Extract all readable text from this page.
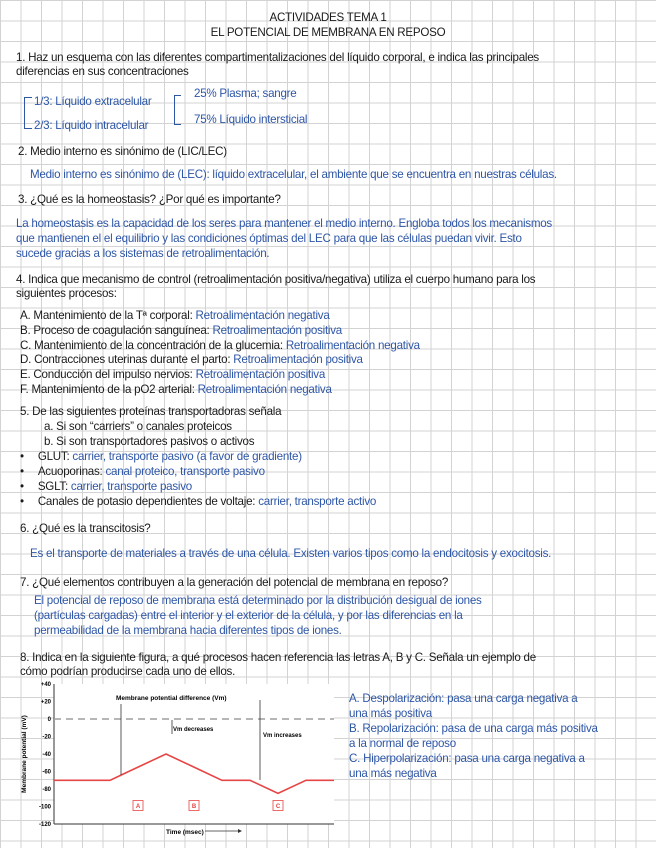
ACTIVIDADES TEMA 1
EL POTENCIAL DE MEMBRANA EN REPOSO
1. Haz un esquema con las diferentes compartimentalizaciones del líquido corporal, e indica las principales
diferencias en sus concentraciones
1/3: Líquido extracelular
2/3: Líquido intracelular
25% Plasma; sangre
75% Líquido intersticial
2. Medio interno es sinónimo de (LIC/LEC)
Medio interno es sinónimo de (LEC): líquido extracelular, el ambiente que se encuentra en nuestras células.
3. ¿Qué es la homeostasis? ¿Por qué es importante?
La homeostasis es la capacidad de los seres para mantener el medio interno. Engloba todos los mecanismos
que mantienen el el equilibrio y las condiciones óptimas del LEC para que las células puedan vivir. Esto
sucede gracias a los sistemas de retroalimentación.
4. Indica que mecanismo de control (retroalimentación positiva/negativa) utiliza el cuerpo humano para los
siguientes procesos:
A. Mantenimiento de la Tª corporal: Retroalimentación negativa
B. Proceso de coagulación sanguínea: Retroalimentación positiva
C. Mantenimiento de la concentración de la glucemia: Retroalimentación negativa
D. Contracciones uterinas durante el parto: Retroalimentación positiva
E. Conducción del impulso nervios: Retroalimentación positiva
F. Mantenimiento de la pO2 arterial: Retroalimentación negativa
5. De las siguientes proteínas transportadoras señala
a. Si son “carriers” o canales proteicos
b. Si son transportadores pasivos o activos
• GLUT: carrier, transporte pasivo (a favor de gradiente)
• Acuoporinas: canal proteico, transporte pasivo
• SGLT: carrier, transporte pasivo
• Canales de potasio dependientes de voltaje: carrier, transporte activo
6. ¿Qué es la transcitosis?
Es el transporte de materiales a través de una célula. Existen varios tipos como la endocitosis y exocitosis.
7. ¿Qué elementos contribuyen a la generación del potencial de membrana en reposo?
El potencial de reposo de membrana está determinado por la distribución desigual de iones
(partículas cargadas) entre el interior y el exterior de la célula, y por las diferencias en la
permeabilidad de la membrana hacia diferentes tipos de iones.
8. Indica en la siguiente figura, a qué procesos hacen referencia las letras A, B y C. Señala un ejemplo de
cómo podrían producirse cada uno de ellos.
A. Despolarización: pasa una carga negativa a
una más positiva
B. Repolarización: pasa de una carga más positiva
a la normal de reposo
C. Hiperpolarización: pasa una carga negativa a
una más negativa
+40
+20
0
-20
-40
-60
-80
-100
-120
Membrane potential difference (Vm)
Membrane potential (mV)
Time (msec)
Vm decreases
Vm increases
A	B	C
